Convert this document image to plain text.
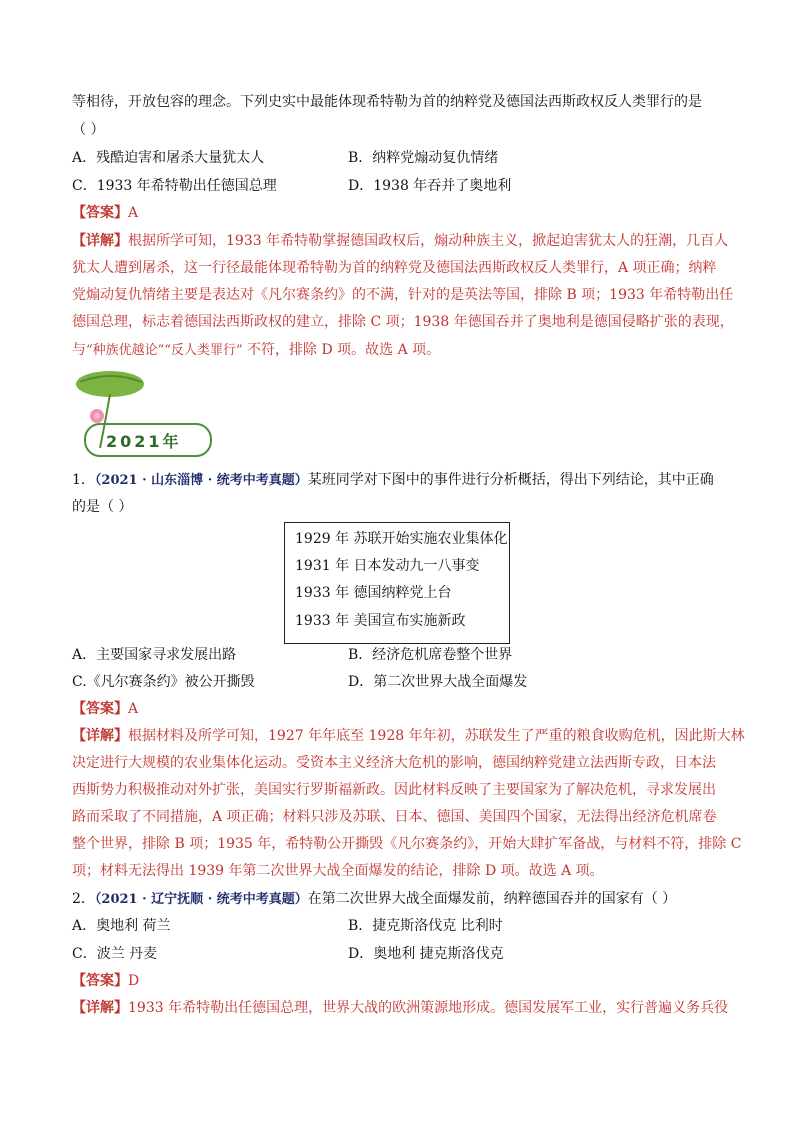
等相待，开放包容的理念。下列史实中最能体现希特勒为首的纳粹党及德国法西斯政权反人类罪行的是
（ ）
A．残酷迫害和屠杀大量犹太人	B．纳粹党煽动复仇情绪
C．1933 年希特勒出任德国总理	D．1938 年吞并了奥地利
【答案】A
【详解】根据所学可知，1933 年希特勒掌握德国政权后，煽动种族主义，掀起迫害犹太人的狂潮，几百人
犹太人遭到屠杀，这一行径最能体现希特勒为首的纳粹党及德国法西斯政权反人类罪行，A 项正确；纳粹
党煽动复仇情绪主要是表达对《凡尔赛条约》的不满，针对的是英法等国，排除 B 项；1933 年希特勒出任
德国总理，标志着德国法西斯政权的建立，排除 C 项；1938 年德国吞并了奥地利是德国侵略扩张的表现，
与“种族优越论”“反人类罪行” 不符，排除 D 项。故选 A 项。
2021年
1．（2021 · 山东淄博 · 统考中考真题）某班同学对下图中的事件进行分析概括，得出下列结论，其中正确
的是（ ）
1929 年 苏联开始实施农业集体化
1931 年 日本发动九一八事变
1933 年 德国纳粹党上台
1933 年 美国宣布实施新政
A．主要国家寻求发展出路	B．经济危机席卷整个世界
C.《凡尔赛条约》被公开撕毁	D．第二次世界大战全面爆发
【答案】A
【详解】根据材料及所学可知，1927 年年底至 1928 年年初，苏联发生了严重的粮食收购危机，因此斯大林
决定进行大规模的农业集体化运动。受资本主义经济大危机的影响，德国纳粹党建立法西斯专政，日本法
西斯势力积极推动对外扩张，美国实行罗斯福新政。因此材料反映了主要国家为了解决危机，寻求发展出
路而采取了不同措施，A 项正确；材料只涉及苏联、日本、德国、美国四个国家，无法得出经济危机席卷
整个世界，排除 B 项；1935 年，希特勒公开撕毁《凡尔赛条约》，开始大肆扩军备战，与材料不符，排除 C
项；材料无法得出 1939 年第二次世界大战全面爆发的结论，排除 D 项。故选 A 项。
2．（2021 · 辽宁抚顺 · 统考中考真题）在第二次世界大战全面爆发前，纳粹德国吞并的国家有（ ）
A．奥地利 荷兰	B．捷克斯洛伐克 比利时
C．波兰 丹麦	D．奥地利 捷克斯洛伐克
【答案】D
【详解】1933 年希特勒出任德国总理，世界大战的欧洲策源地形成。德国发展军工业，实行普遍义务兵役
